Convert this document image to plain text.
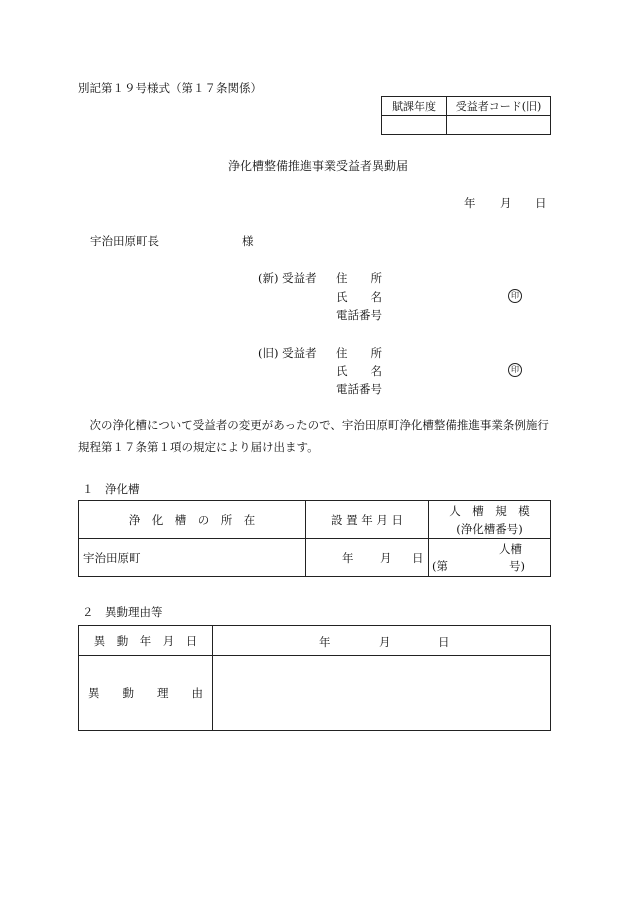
別記第１９号様式（第１７条関係）
賦課年度	受益者コード(旧)

浄化槽整備推進事業受益者異動届
年 月 日
宇治田原町長	様
(新) 受益者 住　　所
氏　　名	印
電話番号
(旧) 受益者 住　　所
氏　　名	印
電話番号
　次の浄化槽について受益者の変更があったので、宇治田原町浄化槽整備推進事業条例施行規程第１７条第１項の規定により届け出ます。
１　浄化槽
浄　化　槽　の　所　在	設 置 年 月 日	人　槽　規　模
(浄化槽番号)

宇治田原町	年 月 日	人槽
(第 号)
２　異動理由等
異　動　年　月　日	年 月 日

異　　動　　理　　由	
